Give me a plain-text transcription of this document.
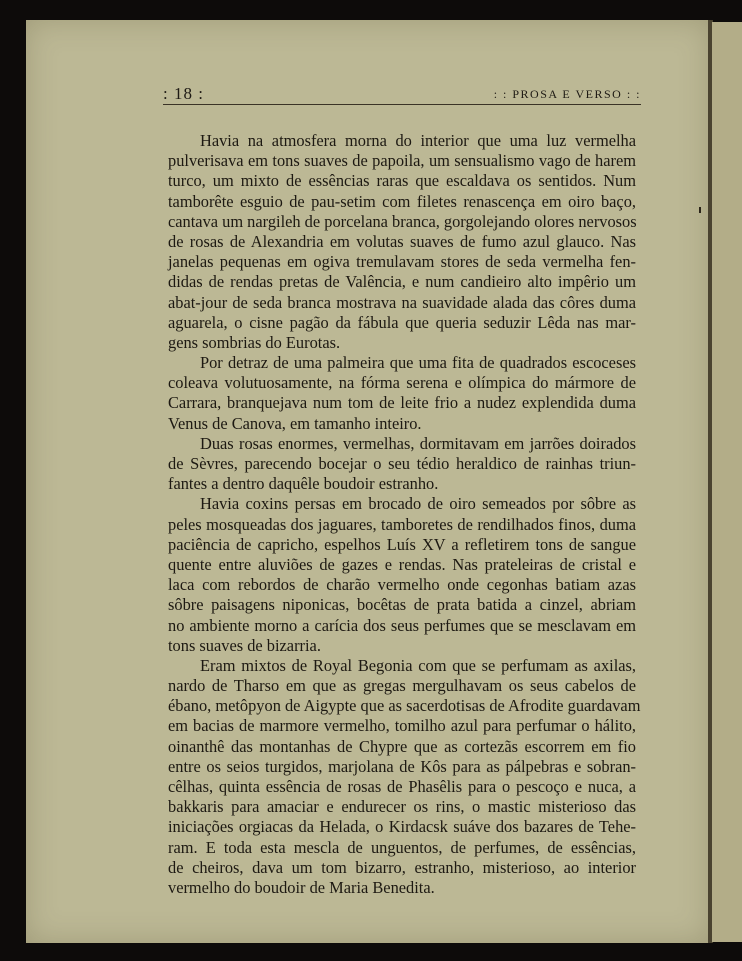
: 18 :	: : PROSA E VERSO : :
Havia na atmosfera morna do interior que uma luz vermelha
pulverisava em tons suaves de papoila, um sensualismo vago de harem
turco, um mixto de essências raras que escaldava os sentidos. Num
tamborête esguio de pau-setim com filetes renascença em oiro baço,
cantava um nargileh de porcelana branca, gorgolejando olores nervosos
de rosas de Alexandria em volutas suaves de fumo azul glauco. Nas
janelas pequenas em ogiva tremulavam stores de seda vermelha fen-
didas de rendas pretas de Valência, e num candieiro alto impêrio um
abat-jour de seda branca mostrava na suavidade alada das côres duma
aguarela, o cisne pagão da fábula que queria seduzir Lêda nas mar-
gens sombrias do Eurotas.
Por detraz de uma palmeira que uma fita de quadrados escoceses
coleava volutuosamente, na fórma serena e olímpica do mármore de
Carrara, branquejava num tom de leite frio a nudez explendida duma
Venus de Canova, em tamanho inteiro.
Duas rosas enormes, vermelhas, dormitavam em jarrões doirados
de Sèvres, parecendo bocejar o seu tédio heraldico de rainhas triun-
fantes a dentro daquêle boudoir estranho.
Havia coxins persas em brocado de oiro semeados por sôbre as
peles mosqueadas dos jaguares, tamboretes de rendilhados finos, duma
paciência de capricho, espelhos Luís XV a refletirem tons de sangue
quente entre aluviões de gazes e rendas. Nas prateleiras de cristal e
laca com rebordos de charão vermelho onde cegonhas batiam azas
sôbre paisagens niponicas, bocêtas de prata batida a cinzel, abriam
no ambiente morno a carícia dos seus perfumes que se mesclavam em
tons suaves de bizarria.
Eram mixtos de Royal Begonia com que se perfumam as axilas,
nardo de Tharso em que as gregas mergulhavam os seus cabelos de
ébano, metôpyon de Aigypte que as sacerdotisas de Afrodite guardavam
em bacias de marmore vermelho, tomilho azul para perfumar o hálito,
oinanthê das montanhas de Chypre que as cortezãs escorrem em fio
entre os seios turgidos, marjolana de Kôs para as pálpebras e sobran-
cêlhas, quinta essência de rosas de Phasêlis para o pescoço e nuca, a
bakkaris para amaciar e endurecer os rins, o mastic misterioso das
iniciações orgiacas da Helada, o Kirdacsk suáve dos bazares de Tehe-
ram. E toda esta mescla de unguentos, de perfumes, de essências,
de cheiros, dava um tom bizarro, estranho, misterioso, ao interior
vermelho do boudoir de Maria Benedita.
